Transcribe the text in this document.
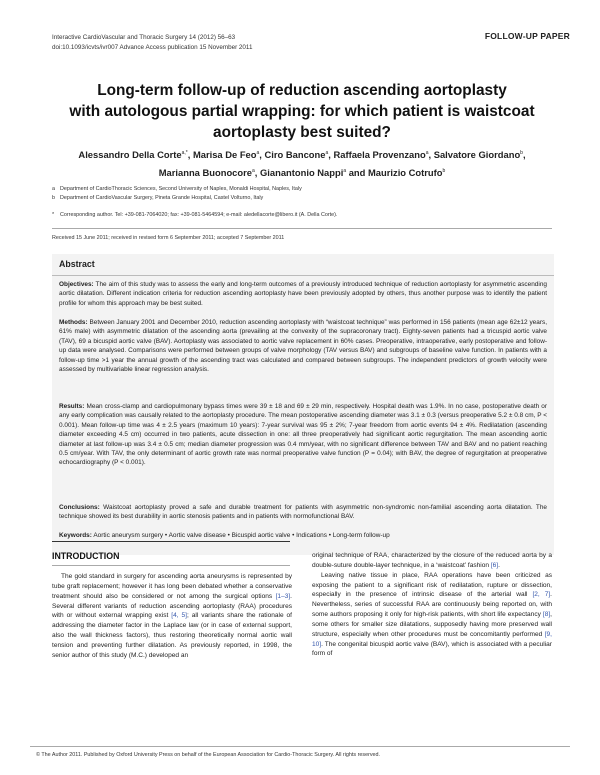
Interactive CardioVascular and Thoracic Surgery 14 (2012) 56–63
doi:10.1093/icvts/ivr007 Advance Access publication 15 November 2011
FOLLOW-UP PAPER
Long-term follow-up of reduction ascending aortoplasty
with autologous partial wrapping: for which patient is waistcoat
aortoplasty best suited?
Alessandro Della Corte$^{a,*}$, Marisa De Feo$^a$, Ciro Bancone$^a$, Raffaela Provenzano$^a$, Salvatore Giordano$^b$,
Marianna Buonocore$^a$, Gianantonio Nappi$^a$ and Maurizio Cotrufo$^b$
a Department of CardioThoracic Sciences, Second University of Naples, Monaldi Hospital, Naples, Italy
b Department of CardioVascular Surgery, Pineta Grande Hospital, Castel Volturno, Italy
* Corresponding author. Tel: +39-081-7064020; fax: +39-081-5464594; e-mail: aledellacorte@libero.it (A. Della Corte).
Received 15 June 2011; received in revised form 6 September 2011; accepted 7 September 2011
Abstract
Objectives: The aim of this study was to assess the early and long-term outcomes of a previously introduced technique of reduction aortoplasty for asymmetric ascending aortic dilatation. Different indication criteria for reduction ascending aortoplasty have been previously adopted by others, thus another purpose was to identify the patient profile for whom this approach may be best suited.
Methods: Between January 2001 and December 2010, reduction ascending aortoplasty with “waistcoat technique” was performed in 156 patients (mean age 62±12 years, 61% male) with asymmetric dilatation of the ascending aorta (prevailing at the convexity of the supracoronary tract). Eighty-seven patients had a tricuspid aortic valve (TAV), 69 a bicuspid aortic valve (BAV). Aortoplasty was associated to aortic valve replacement in 60% cases. Preoperative, intraoperative, early postoperative and follow-up data were analysed. Comparisons were performed between groups of valve morphology (TAV versus BAV) and subgroups of baseline valve function. In patients with a follow-up time >1 year the annual growth of the ascending tract was calculated and compared between subgroups. The independent predictors of growth velocity were assessed by multivariable linear regression analysis.
Results: Mean cross-clamp and cardiopulmonary bypass times were 39 ± 18 and 69 ± 29 min, respectively. Hospital death was 1.9%. In no case, postoperative death or any early complication was causally related to the aortoplasty procedure. The mean postoperative ascending diameter was 3.1 ± 0.3 (versus preoperative 5.2 ± 0.8 cm, P < 0.001). Mean follow-up time was 4 ± 2.5 years (maximum 10 years): 7-year survival was 95 ± 2%; 7-year freedom from aortic events 94 ± 4%. Redilatation (ascending diameter exceeding 4.5 cm) occurred in two patients, acute dissection in one: all three preoperatively had significant aortic regurgitation. The mean ascending aortic diameter at last follow-up was 3.4 ± 0.5 cm; median diameter progression was 0.4 mm/year, with no significant difference between TAV and BAV and no patient reaching 0.5 cm/year. With TAV, the only determinant of aortic growth rate was normal preoperative valve function (P = 0.04); with BAV, the degree of regurgitation at preoperative echocardiography (P < 0.001).
Conclusions: Waistcoat aortoplasty proved a safe and durable treatment for patients with asymmetric non-syndromic non-familial ascending aorta dilatation. The technique showed its best durability in aortic stenosis patients and in patients with normofunctional BAV.
Keywords: Aortic aneurysm surgery • Aortic valve disease • Bicuspid aortic valve • Indications • Long-term follow-up
INTRODUCTION

The gold standard in surgery for ascending aorta aneurysms is represented by tube graft replacement; however it has long been debated whether a conservative treatment should also be considered or not among the surgical options [1–3]. Several different variants of reduction ascending aortoplasty (RAA) procedures with or without external wrapping exist [4, 5]; all variants share the rationale of addressing the diameter factor in the Laplace law (or in case of external support, also the wall thickness factors), thus restoring theoretically normal aortic wall tension and preventing further dilatation. As previously reported, in 1998, the senior author of this study (M.C.) developed an

original technique of RAA, characterized by the closure of the reduced aorta by a double-suture double-layer technique, in a ‘waistcoat’ fashion [6].

Leaving native tissue in place, RAA operations have been criticized as exposing the patient to a significant risk of redilatation, rupture or dissection, especially in the presence of intrinsic disease of the arterial wall [2, 7]. Nevertheless, series of successful RAA are continuously being reported on, with some authors proposing it only for high-risk patients, with short life expectancy [8], some others for smaller size dilatations, supposedly having more preserved wall structure, especially when other procedures must be concomitantly performed [9, 10]. The congenital bicuspid aortic valve (BAV), which is associated with a peculiar form of

© The Author 2011. Published by Oxford University Press on behalf of the European Association for Cardio-Thoracic Surgery. All rights reserved.
